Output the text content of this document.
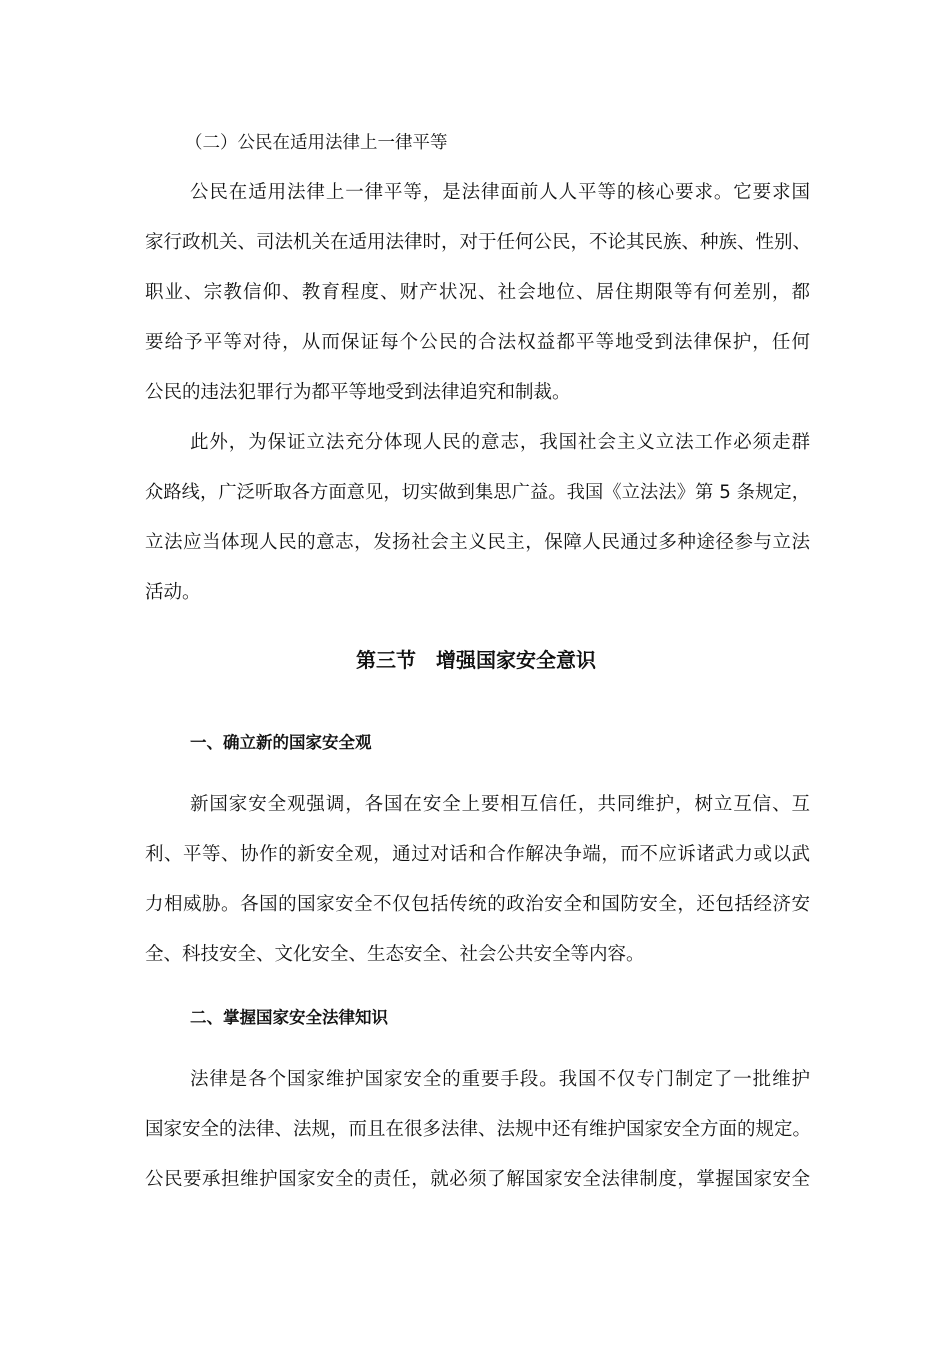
（二）公民在适用法律上一律平等
公民在适用法律上一律平等，是法律面前人人平等的核心要求。它要求国
家行政机关、司法机关在适用法律时，对于任何公民，不论其民族、种族、性别、
职业、宗教信仰、教育程度、财产状况、社会地位、居住期限等有何差别，都
要给予平等对待，从而保证每个公民的合法权益都平等地受到法律保护，任何
公民的违法犯罪行为都平等地受到法律追究和制裁。
此外，为保证立法充分体现人民的意志，我国社会主义立法工作必须走群
众路线，广泛听取各方面意见，切实做到集思广益。我国《立法法》第 5 条规定，
立法应当体现人民的意志，发扬社会主义民主，保障人民通过多种途径参与立法
活动。
第三节　增强国家安全意识
一、确立新的国家安全观
新国家安全观强调，各国在安全上要相互信任，共同维护，树立互信、互
利、平等、协作的新安全观，通过对话和合作解决争端，而不应诉诸武力或以武
力相威胁。各国的国家安全不仅包括传统的政治安全和国防安全，还包括经济安
全、科技安全、文化安全、生态安全、社会公共安全等内容。
二、掌握国家安全法律知识
法律是各个国家维护国家安全的重要手段。我国不仅专门制定了一批维护
国家安全的法律、法规，而且在很多法律、法规中还有维护国家安全方面的规定。
公民要承担维护国家安全的责任，就必须了解国家安全法律制度，掌握国家安全
